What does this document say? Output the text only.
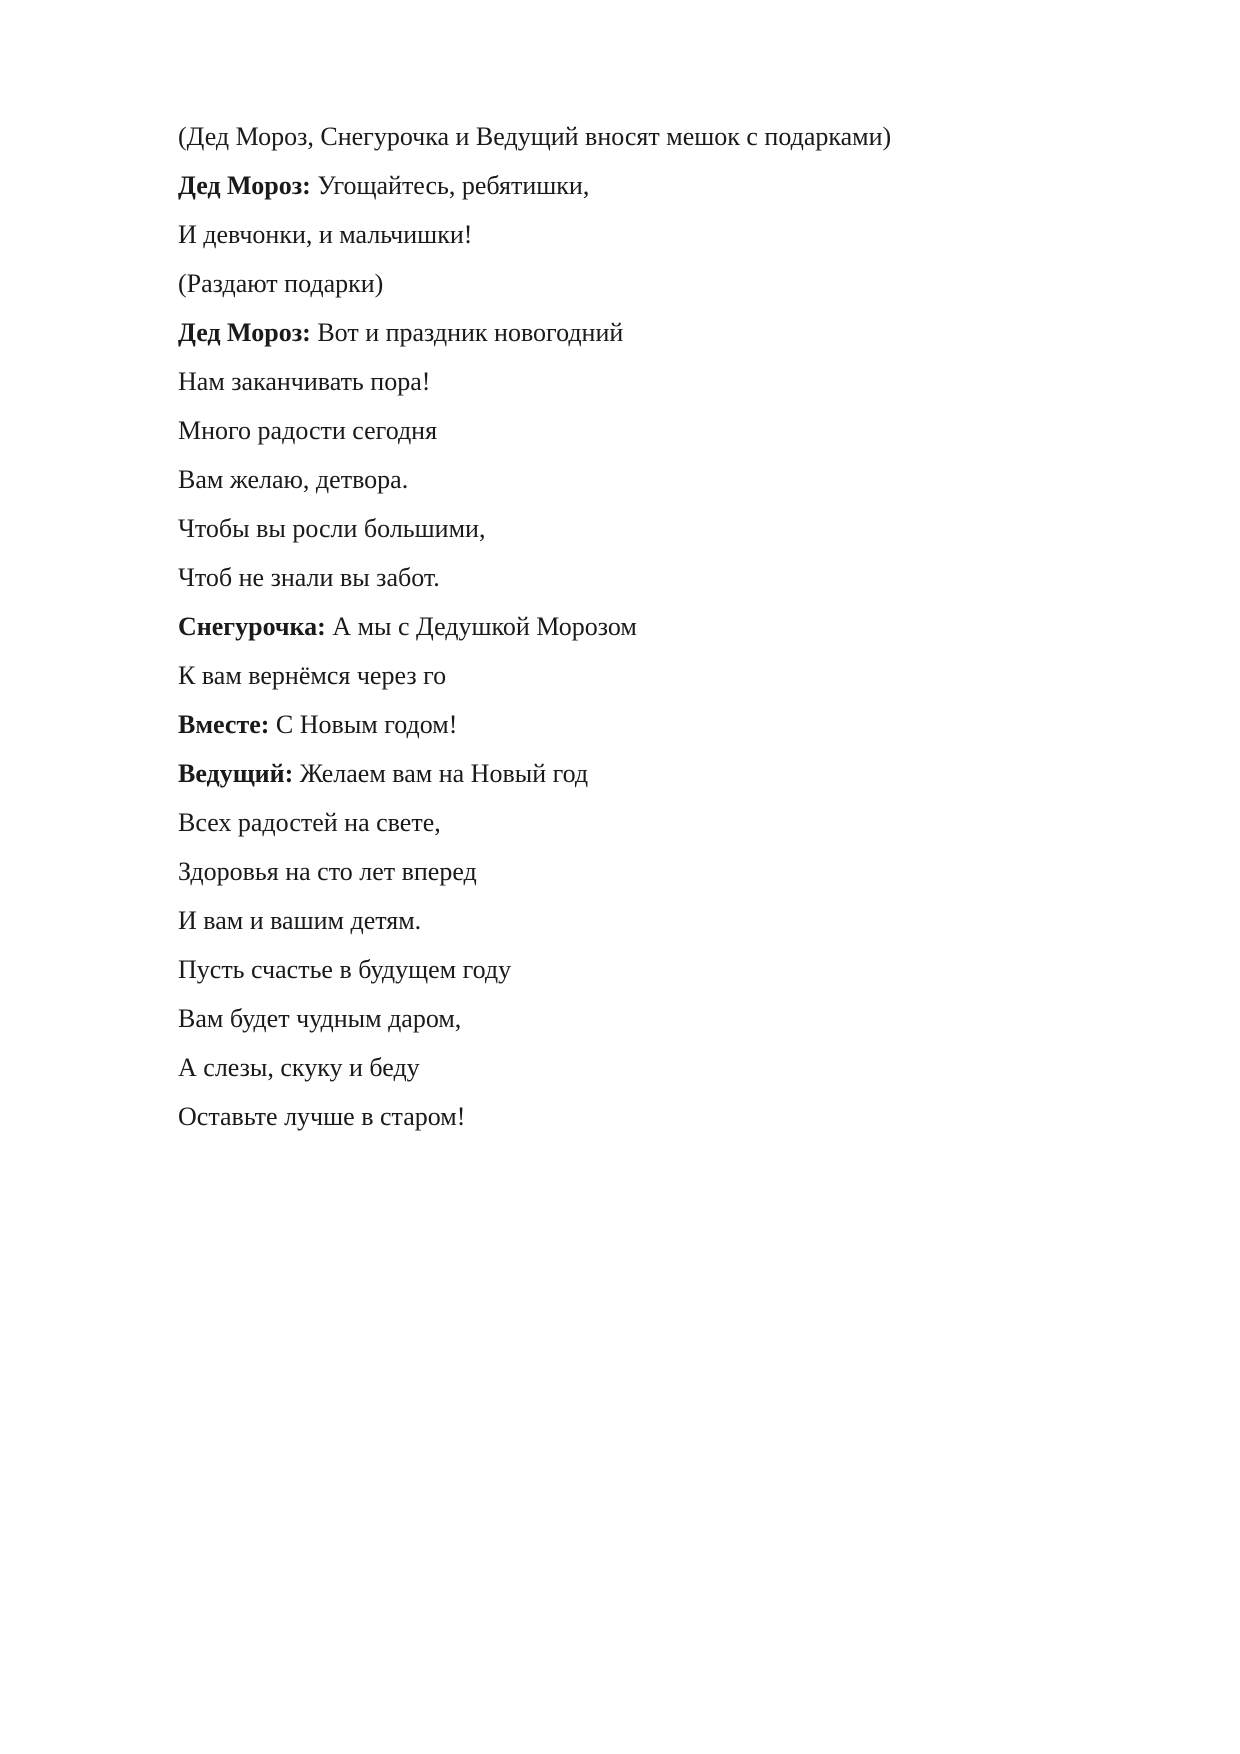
(Дед Мороз, Снегурочка и Ведущий вносят мешок с подарками)

Дед Мороз: Угощайтесь, ребятишки,

И девчонки, и мальчишки!

(Раздают подарки)

Дед Мороз: Вот и праздник новогодний

Нам заканчивать пора!

Много радости сегодня

Вам желаю, детвора.

Чтобы вы росли большими,

Чтоб не знали вы забот.

Снегурочка: А мы с Дедушкой Морозом

К вам вернёмся через го

Вместе: С Новым годом!

Ведущий: Желаем вам на Новый год

Всех радостей на свете,

Здоровья на сто лет вперед

И вам и вашим детям.

Пусть счастье в будущем году

Вам будет чудным даром,

А слезы, скуку и беду

Оставьте лучше в старом!
